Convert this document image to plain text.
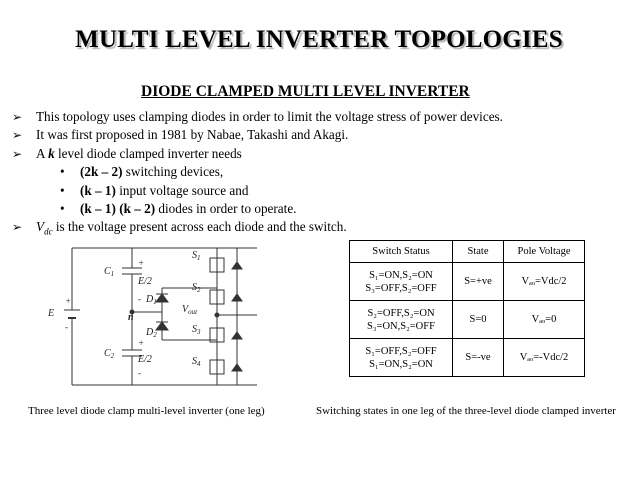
MULTI LEVEL INVERTER TOPOLOGIES
DIODE CLAMPED MULTI LEVEL INVERTER
➢ This topology uses clamping diodes in order to limit the voltage stress of power devices.
➢ It was first proposed in 1981 by Nabae, Takashi and Akagi.
➢ A k level diode clamped inverter needs
• (2k – 2) switching devices,
• (k – 1) input voltage source and
• (k – 1) (k – 2) diodes in order to operate.
➢ $V_{dc}$ is the voltage present across each diode and the switch.
E
+
-
$C_1$
$C_2$
+
E/2
-
+
E/2
-
n
$D_1$
$D_2$
$S_1$
$S_2$
$S_3$
$S_4$
$V_{out}$
Switch Status	State	Pole Voltage

S₁=ON,S₂=ON
S₃=OFF,S₂=OFF	S=+ve	Vₐₒ=Vdc/2

S₂=OFF,S₂=ON
S₃=ON,S₂=OFF	S=0	Vₐₒ=0

S₁=OFF,S₂=OFF
S₁=ON,S₂=ON	S=-ve	Vₐₒ=-Vdc/2
Three level diode clamp multi-level inverter (one leg)	Switching states in one leg of the three-level diode clamped inverter
